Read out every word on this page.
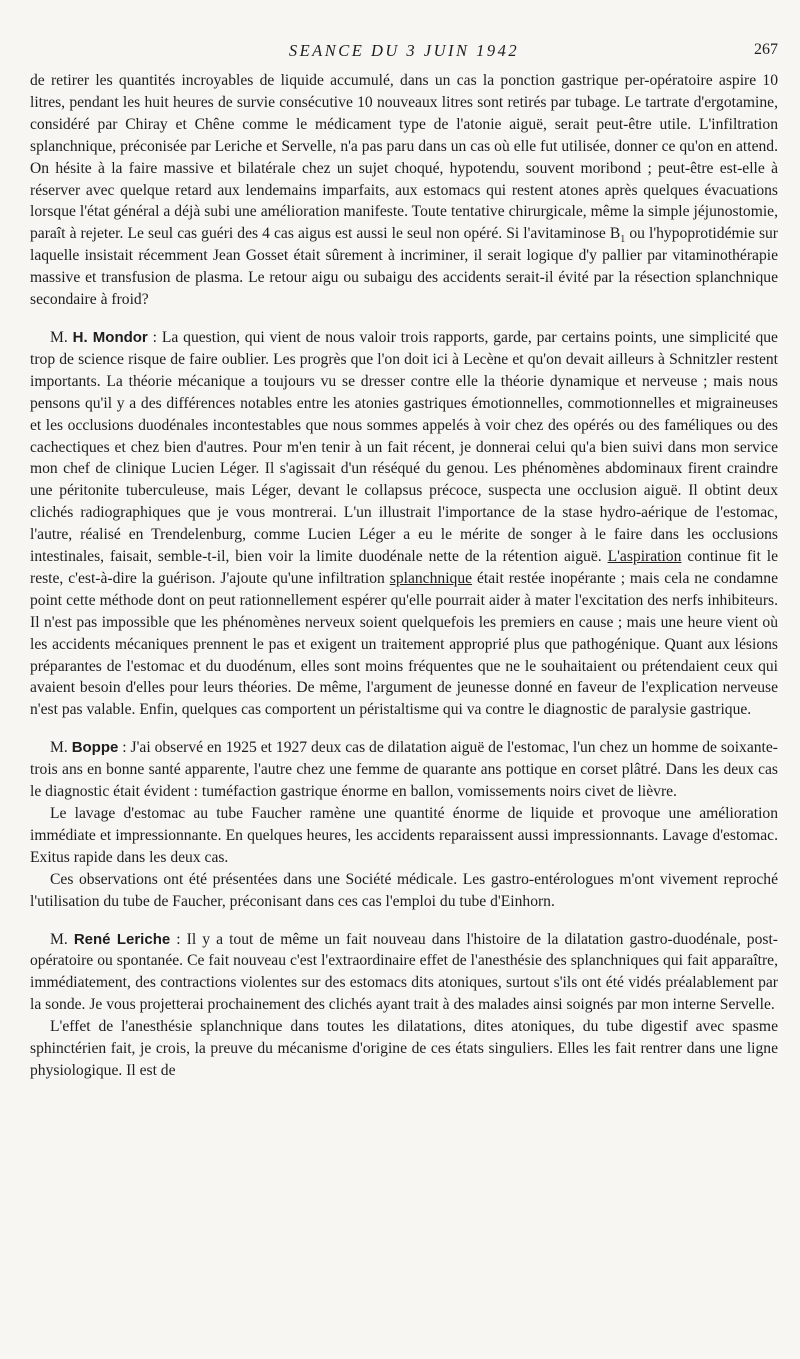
SEANCE DU 3 JUIN 1942	267

de retirer les quantités incroyables de liquide accumulé, dans un cas la ponction gastrique per-opératoire aspire 10 litres, pendant les huit heures de survie consécutive 10 nouveaux litres sont retirés par tubage. Le tartrate d'ergotamine, considéré par Chiray et Chêne comme le médicament type de l'atonie aiguë, serait peut-être utile. L'infiltration splanchnique, préconisée par Leriche et Servelle, n'a pas paru dans un cas où elle fut utilisée, donner ce qu'on en attend. On hésite à la faire massive et bilatérale chez un sujet choqué, hypotendu, souvent moribond ; peut-être est-elle à réserver avec quelque retard aux lendemains imparfaits, aux estomacs qui restent atones après quelques évacuations lorsque l'état général a déjà subi une amélioration manifeste. Toute tentative chirurgicale, même la simple jéjunostomie, paraît à rejeter. Le seul cas guéri des 4 cas aigus est aussi le seul non opéré. Si l'avitaminose $B_1$ ou l'hypoprotidémie sur laquelle insistait récemment Jean Gosset était sûrement à incriminer, il serait logique d'y pallier par vitaminothérapie massive et transfusion de plasma. Le retour aigu ou subaigu des accidents serait-il évité par la résection splanchnique secondaire à froid?

M. H. Mondor : La question, qui vient de nous valoir trois rapports, garde, par certains points, une simplicité que trop de science risque de faire oublier. Les progrès que l'on doit ici à Lecène et qu'on devait ailleurs à Schnitzler restent importants. La théorie mécanique a toujours vu se dresser contre elle la théorie dynamique et nerveuse ; mais nous pensons qu'il y a des différences notables entre les atonies gastriques émotionnelles, commotionnelles et migraineuses et les occlusions duodénales incontestables que nous sommes appelés à voir chez des opérés ou des faméliques ou des cachectiques et chez bien d'autres. Pour m'en tenir à un fait récent, je donnerai celui qu'a bien suivi dans mon service mon chef de clinique Lucien Léger. Il s'agissait d'un réséqué du genou. Les phénomènes abdominaux firent craindre une péritonite tuberculeuse, mais Léger, devant le collapsus précoce, suspecta une occlusion aiguë. Il obtint deux clichés radiographiques que je vous montrerai. L'un illustrait l'importance de la stase hydro-aérique de l'estomac, l'autre, réalisé en Trendelenburg, comme Lucien Léger a eu le mérite de songer à le faire dans les occlusions intestinales, faisait, semble-t-il, bien voir la limite duodénale nette de la rétention aiguë. L'aspiration continue fit le reste, c'est-à-dire la guérison. J'ajoute qu'une infiltration splanchnique était restée inopérante ; mais cela ne condamne point cette méthode dont on peut rationnellement espérer qu'elle pourrait aider à mater l'excitation des nerfs inhibiteurs. Il n'est pas impossible que les phénomènes nerveux soient quelquefois les premiers en cause ; mais une heure vient où les accidents mécaniques prennent le pas et exigent un traitement approprié plus que pathogénique. Quant aux lésions préparantes de l'estomac et du duodénum, elles sont moins fréquentes que ne le souhaitaient ou prétendaient ceux qui avaient besoin d'elles pour leurs théories. De même, l'argument de jeunesse donné en faveur de l'explication nerveuse n'est pas valable. Enfin, quelques cas comportent un péristaltisme qui va contre le diagnostic de paralysie gastrique.

M. Boppe : J'ai observé en 1925 et 1927 deux cas de dilatation aiguë de l'estomac, l'un chez un homme de soixante-trois ans en bonne santé apparente, l'autre chez une femme de quarante ans pottique en corset plâtré. Dans les deux cas le diagnostic était évident : tuméfaction gastrique énorme en ballon, vomissements noirs civet de lièvre.

Le lavage d'estomac au tube Faucher ramène une quantité énorme de liquide et provoque une amélioration immédiate et impressionnante. En quelques heures, les accidents reparaissent aussi impressionnants. Lavage d'estomac. Exitus rapide dans les deux cas.

Ces observations ont été présentées dans une Société médicale. Les gastro-entérologues m'ont vivement reproché l'utilisation du tube de Faucher, préconisant dans ces cas l'emploi du tube d'Einhorn.

M. René Leriche : Il y a tout de même un fait nouveau dans l'histoire de la dilatation gastro-duodénale, post-opératoire ou spontanée. Ce fait nouveau c'est l'extraordinaire effet de l'anesthésie des splanchniques qui fait apparaître, immédiatement, des contractions violentes sur des estomacs dits atoniques, surtout s'ils ont été vidés préalablement par la sonde. Je vous projetterai prochainement des clichés ayant trait à des malades ainsi soignés par mon interne Servelle.

L'effet de l'anesthésie splanchnique dans toutes les dilatations, dites atoniques, du tube digestif avec spasme sphinctérien fait, je crois, la preuve du mécanisme d'origine de ces états singuliers. Elles les fait rentrer dans une ligne physiologique. Il est de
